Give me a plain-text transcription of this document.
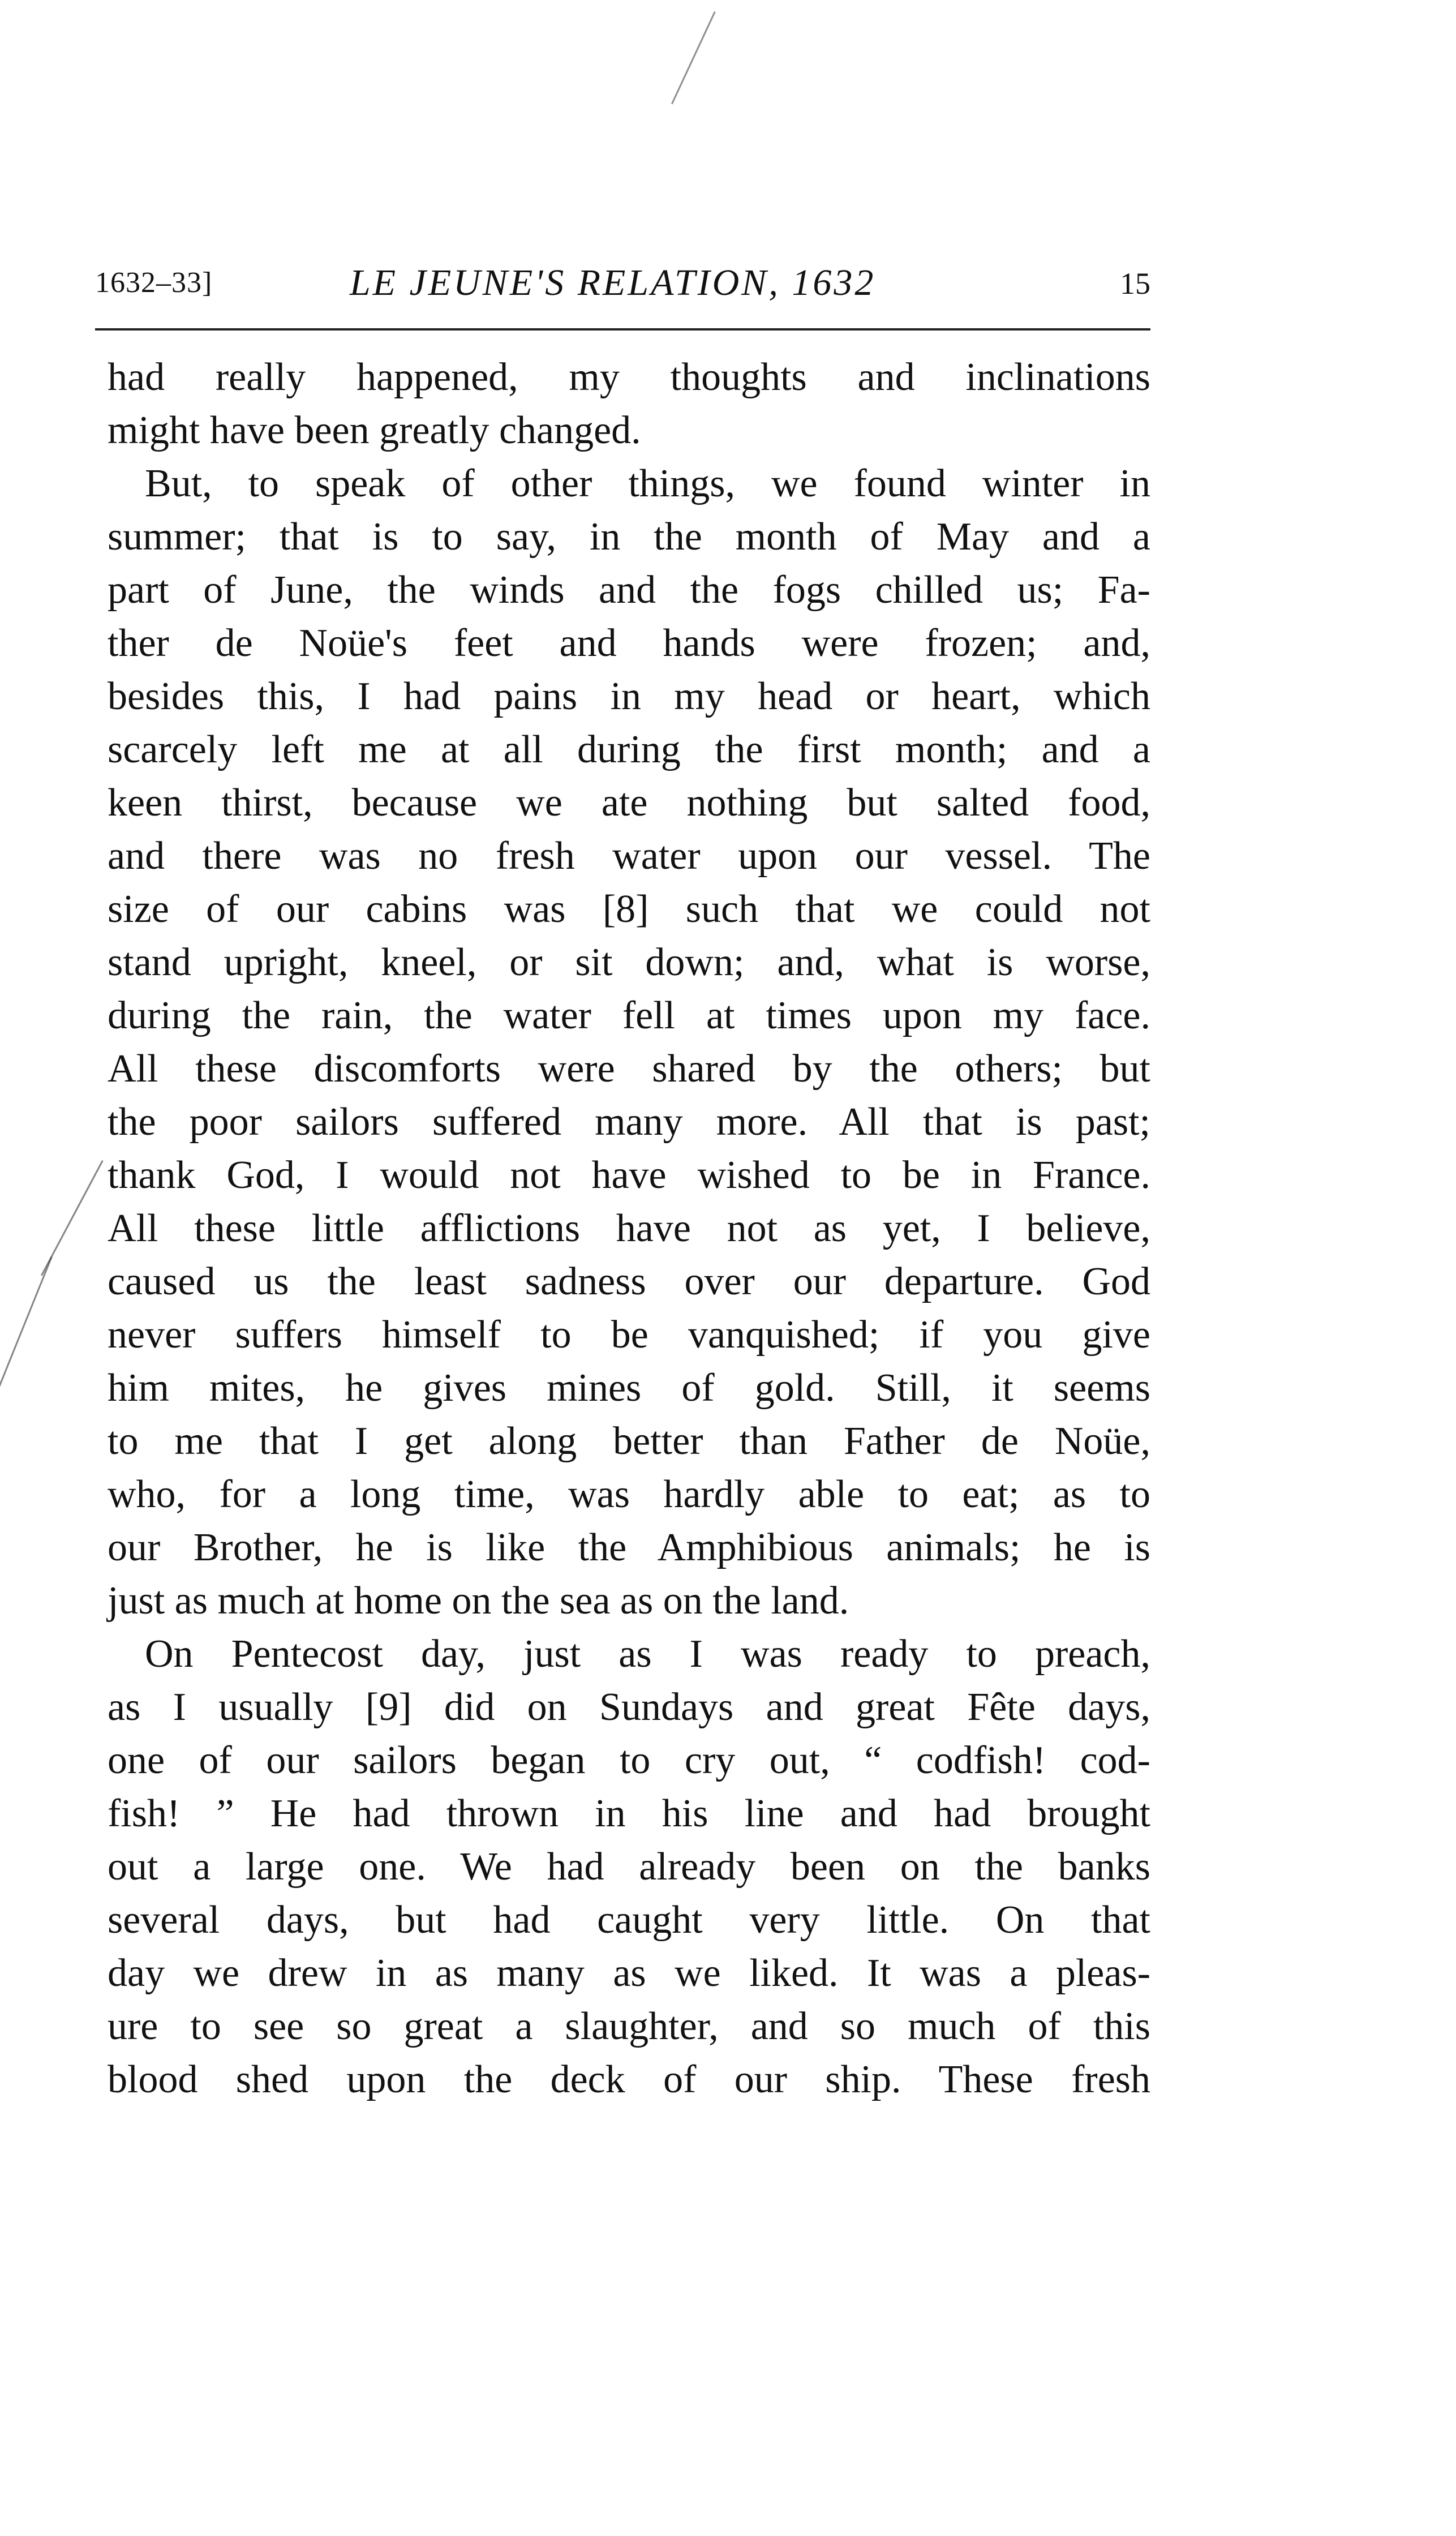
1632–33]	LE JEUNE'S RELATION, 1632	15
had really happened, my thoughts and inclinations
might have been greatly changed.
But, to speak of other things, we found winter in
summer; that is to say, in the month of May and a
part of June, the winds and the fogs chilled us; Fa-
ther de Noüe's feet and hands were frozen; and,
besides this, I had pains in my head or heart, which
scarcely left me at all during the first month; and a
keen thirst, because we ate nothing but salted food,
and there was no fresh water upon our vessel. The
size of our cabins was [8] such that we could not
stand upright, kneel, or sit down; and, what is worse,
during the rain, the water fell at times upon my face.
All these discomforts were shared by the others; but
the poor sailors suffered many more. All that is past;
thank God, I would not have wished to be in France.
All these little afflictions have not as yet, I believe,
caused us the least sadness over our departure. God
never suffers himself to be vanquished; if you give
him mites, he gives mines of gold. Still, it seems
to me that I get along better than Father de Noüe,
who, for a long time, was hardly able to eat; as to
our Brother, he is like the Amphibious animals; he is
just as much at home on the sea as on the land.
On Pentecost day, just as I was ready to preach,
as I usually [9] did on Sundays and great Fête days,
one of our sailors began to cry out, “ codfish! cod-
fish! ” He had thrown in his line and had brought
out a large one. We had already been on the banks
several days, but had caught very little. On that
day we drew in as many as we liked. It was a pleas-
ure to see so great a slaughter, and so much of this
blood shed upon the deck of our ship. These fresh
